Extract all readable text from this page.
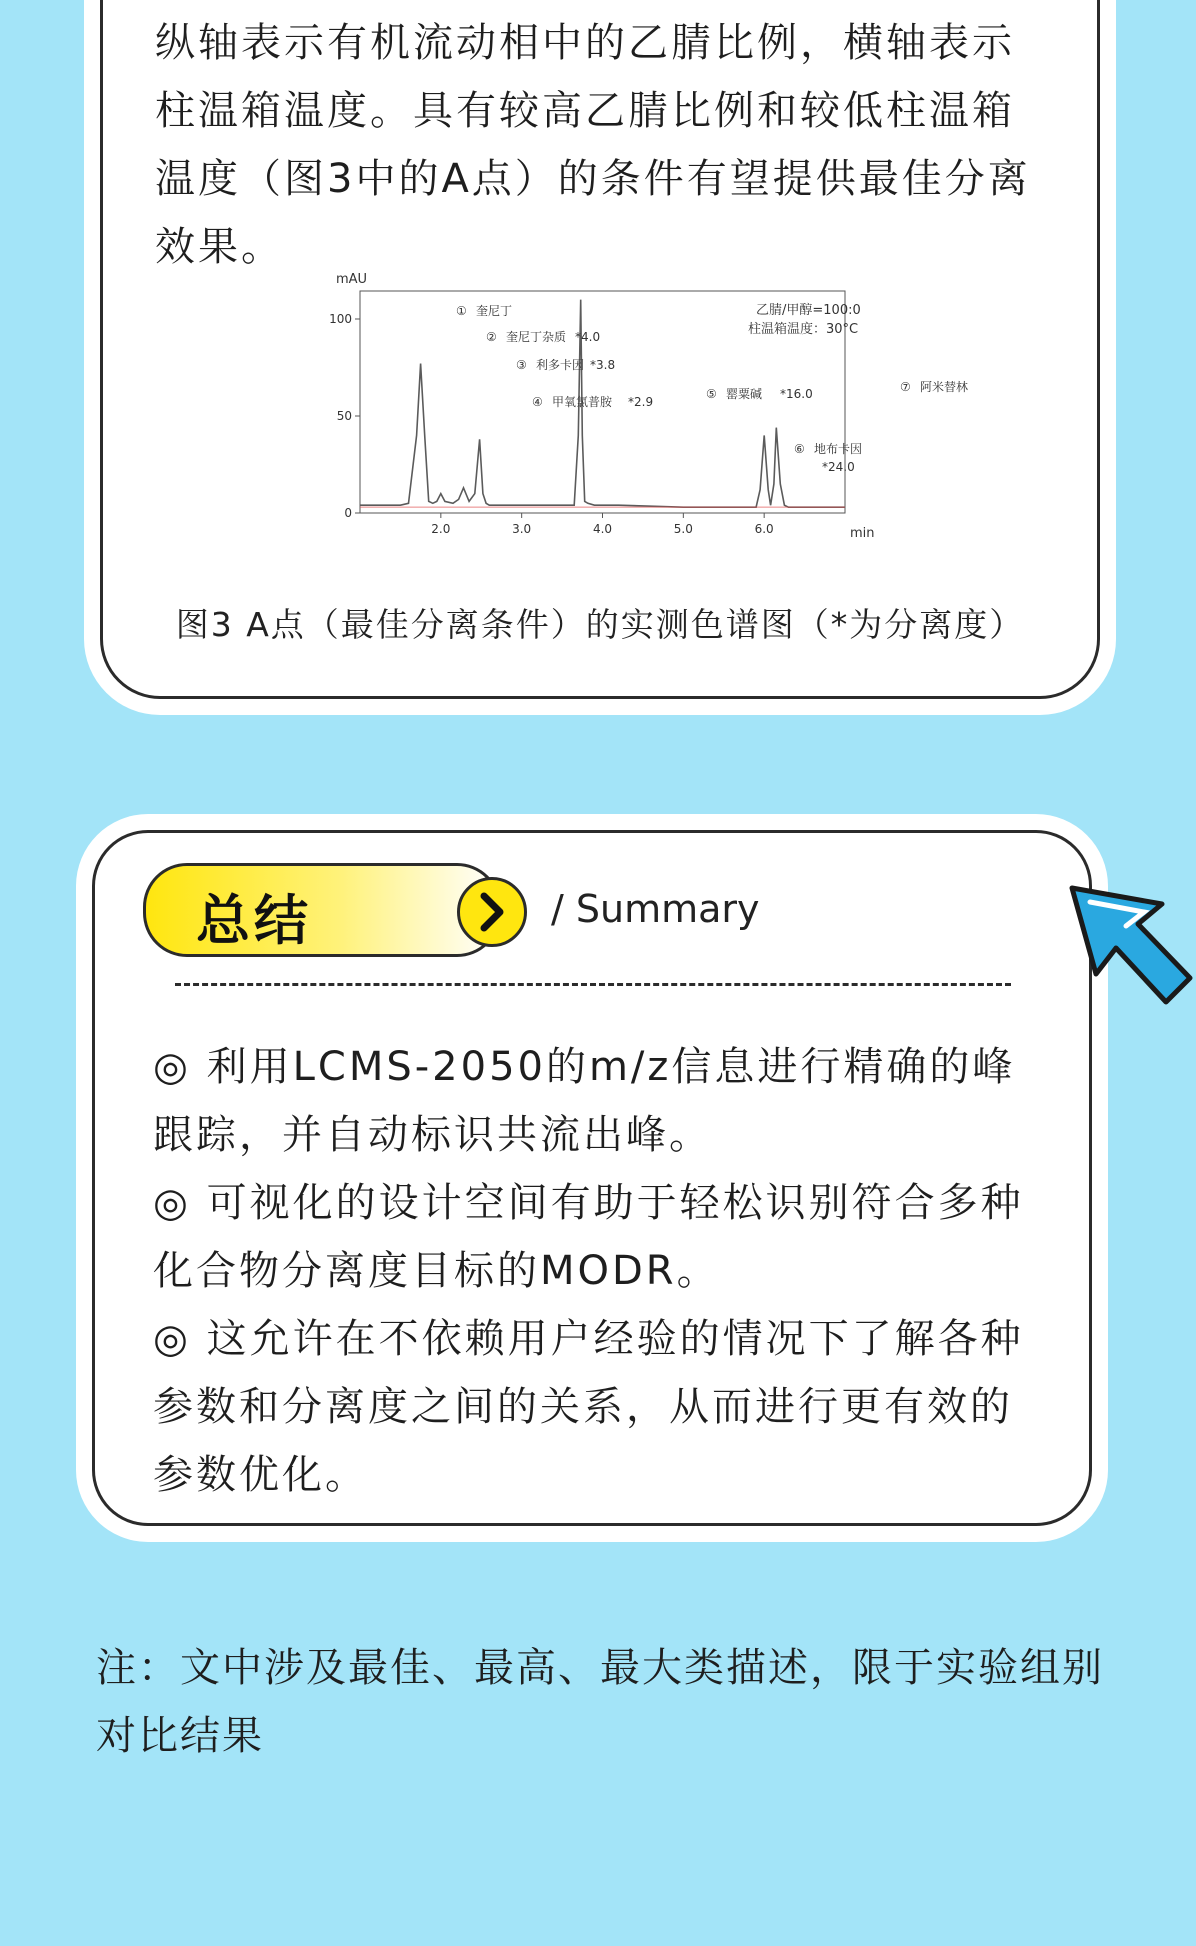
纵轴表示有机流动相中的乙腈比例，横轴表示柱温箱温度。具有较高乙腈比例和较低柱温箱温度（图3中的A点）的条件有望提供最佳分离效果。

mAU
min
0
50
100
2.0	3.0	4.0	5.0	6.0
乙腈/甲醇=100:0
柱温箱温度：30°C
① 奎尼丁
② 奎尼丁杂质 *4.0
③ 利多卡因 *3.8
④ 甲氧氯普胺 *2.9
⑤ 罂粟碱 *16.0
⑥ 地布卡因
*24.0
⑦ 阿米替林
图3 A点（最佳分离条件）的实测色谱图（*为分离度）
总结	/ Summary

◎ 利用LCMS-2050的m/z信息进行精确的峰跟踪，并自动标识共流出峰。
◎ 可视化的设计空间有助于轻松识别符合多种化合物分离度目标的MODR。
◎ 这允许在不依赖用户经验的情况下了解各种参数和分离度之间的关系，从而进行更有效的参数优化。

注：文中涉及最佳、最高、最大类描述，限于实验组别对比结果
